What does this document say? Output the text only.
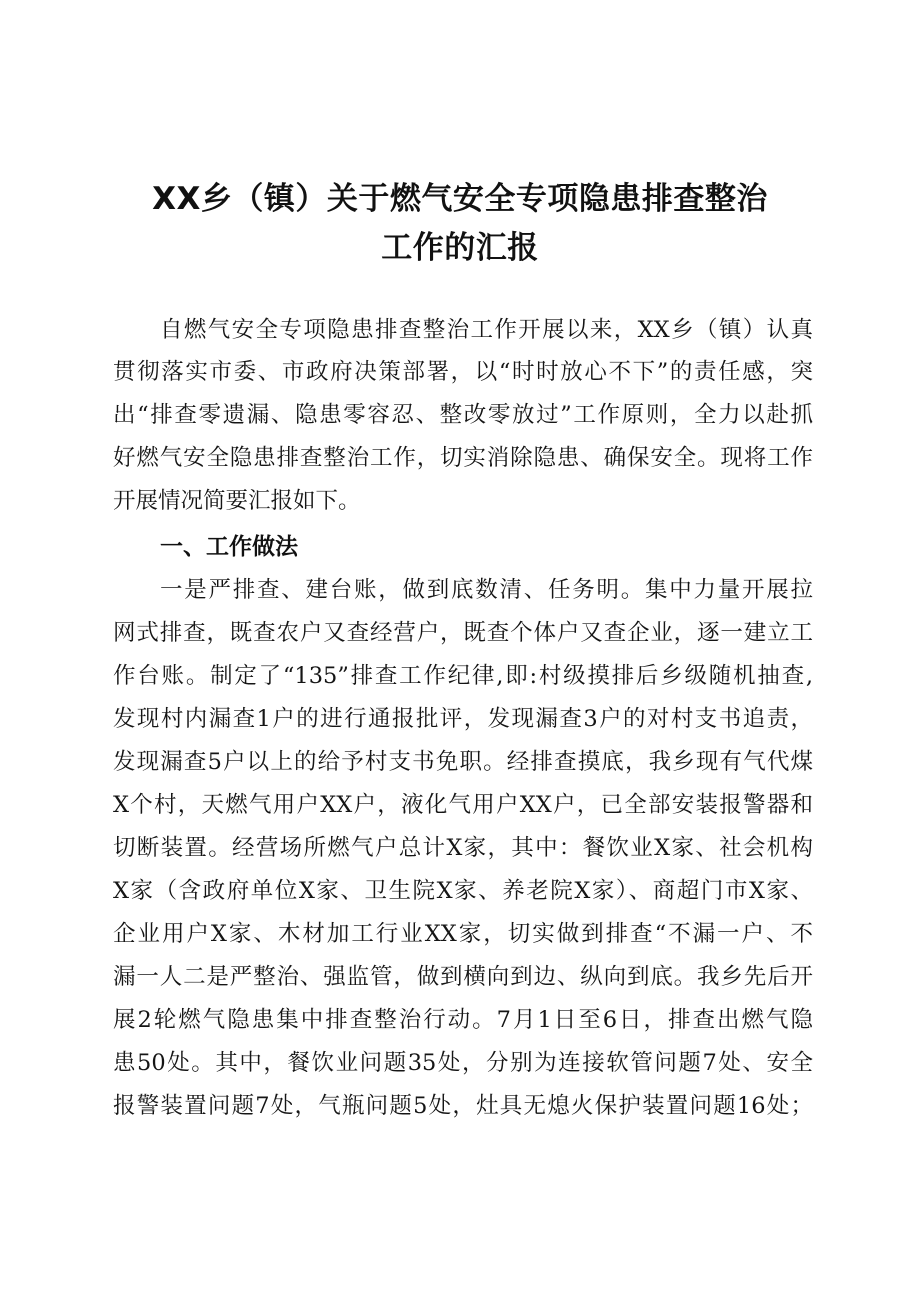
XX乡（镇）关于燃气安全专项隐患排查整治
工作的汇报
自燃气安全专项隐患排查整治工作开展以来，XX乡（镇）认真
贯彻落实市委、市政府决策部署，以“时时放心不下”的责任感，突
出“排查零遗漏、隐患零容忍、整改零放过”工作原则，全力以赴抓
好燃气安全隐患排查整治工作，切实消除隐患、确保安全。现将工作
开展情况简要汇报如下。
一、工作做法
一是严排查、建台账，做到底数清、任务明。集中力量开展拉
网式排查，既查农户又查经营户，既查个体户又查企业，逐一建立工
作台账。制定了“135”排查工作纪律,即:村级摸排后乡级随机抽查,
发现村内漏查1户的进行通报批评，发现漏查3户的对村支书追责，
发现漏查5户以上的给予村支书免职。经排查摸底，我乡现有气代煤
X个村，天燃气用户XX户，液化气用户XX户，已全部安装报警器和
切断装置。经营场所燃气户总计X家，其中：餐饮业X家、社会机构
X家（含政府单位X家、卫生院X家、养老院X家）、商超门市X家、
企业用户X家、木材加工行业XX家，切实做到排查“不漏一户、不
漏一人二是严整治、强监管，做到横向到边、纵向到底。我乡先后开
展2轮燃气隐患集中排查整治行动。7月1日至6日，排查出燃气隐
患50处。其中，餐饮业问题35处，分别为连接软管问题7处、安全
报警装置问题7处，气瓶问题5处，灶具无熄火保护装置问题16处；
